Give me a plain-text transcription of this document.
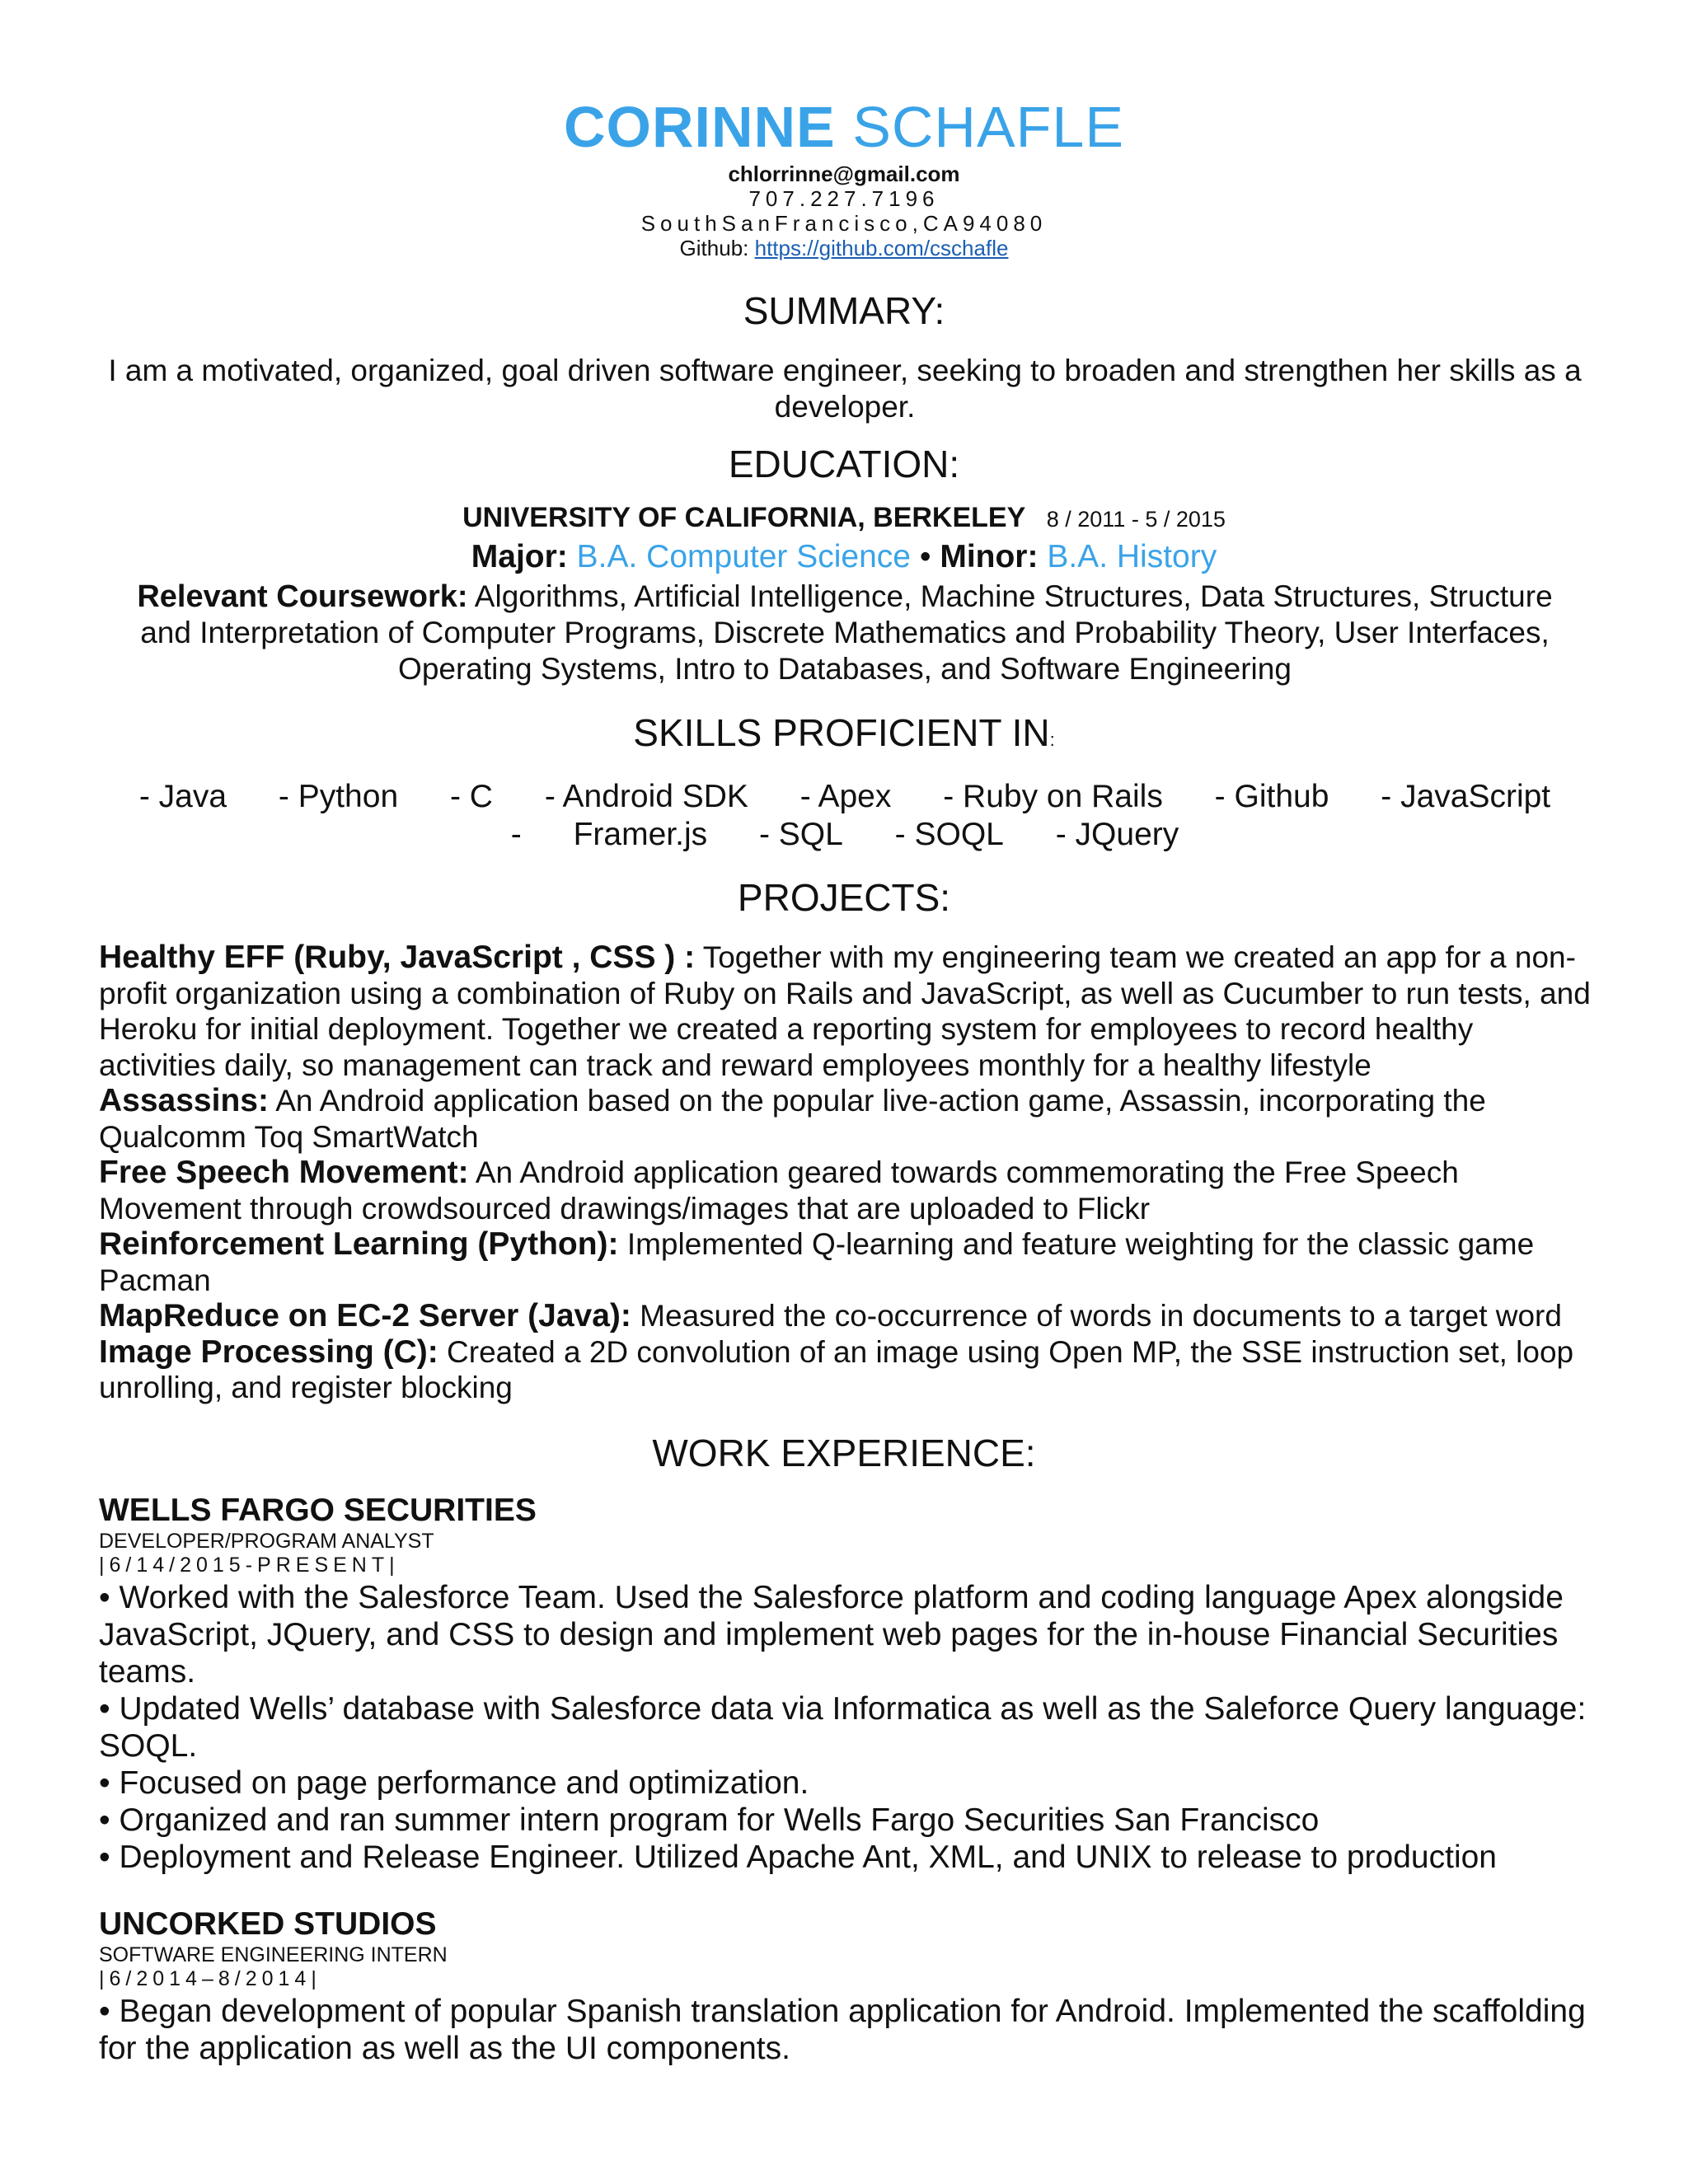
CORINNE SCHAFLE
chlorrinne@gmail.com
707.227.7196
SouthSanFrancisco,CA94080
Github: https://github.com/cschafle
SUMMARY:
I am a motivated, organized, goal driven software engineer, seeking to broaden and strengthen her skills as a developer.
EDUCATION:
UNIVERSITY OF CALIFORNIA, BERKELEY 8 / 2011 - 5 / 2015
Major: B.A. Computer Science • Minor: B.A. History
Relevant Coursework: Algorithms, Artificial Intelligence, Machine Structures, Data Structures, Structure and Interpretation of Computer Programs, Discrete Mathematics and Probability Theory, User Interfaces, Operating Systems, Intro to Databases, and Software Engineering
SKILLS PROFICIENT IN:
- Java - Python - C - Android SDK - Apex - Ruby on Rails - Github - JavaScript - Framer.js - SQL - SOQL - JQuery
PROJECTS:

Healthy EFF (Ruby, JavaScript , CSS ) : Together with my engineering team we created an app for a non-profit organization using a combination of Ruby on Rails and JavaScript, as well as Cucumber to run tests, and Heroku for initial deployment. Together we created a reporting system for employees to record healthy activities daily, so management can track and reward employees monthly for a healthy lifestyle

Assassins: An Android application based on the popular live-action game, Assassin, incorporating the Qualcomm Toq SmartWatch

Free Speech Movement: An Android application geared towards commemorating the Free Speech Movement through crowdsourced drawings/images that are uploaded to Flickr

Reinforcement Learning (Python): Implemented Q-learning and feature weighting for the classic game Pacman

MapReduce on EC-2 Server (Java): Measured the co-occurrence of words in documents to a target word

Image Processing (C): Created a 2D convolution of an image using Open MP, the SSE instruction set, loop unrolling, and register blocking

WORK EXPERIENCE:

WELLS FARGO SECURITIES

DEVELOPER/PROGRAM ANALYST

|6/14/2015-PRESENT|

• Worked with the Salesforce Team. Used the Salesforce platform and coding language Apex alongside JavaScript, JQuery, and CSS to design and implement web pages for the in-house Financial Securities teams.

• Updated Wells’ database with Salesforce data via Informatica as well as the Saleforce Query language: SOQL.

• Focused on page performance and optimization.

• Organized and ran summer intern program for Wells Fargo Securities San Francisco

• Deployment and Release Engineer. Utilized Apache Ant, XML, and UNIX to release to production

UNCORKED STUDIOS

SOFTWARE ENGINEERING INTERN

|6/2014–8/2014|

• Began development of popular Spanish translation application for Android. Implemented the scaffolding for the application as well as the UI components.
